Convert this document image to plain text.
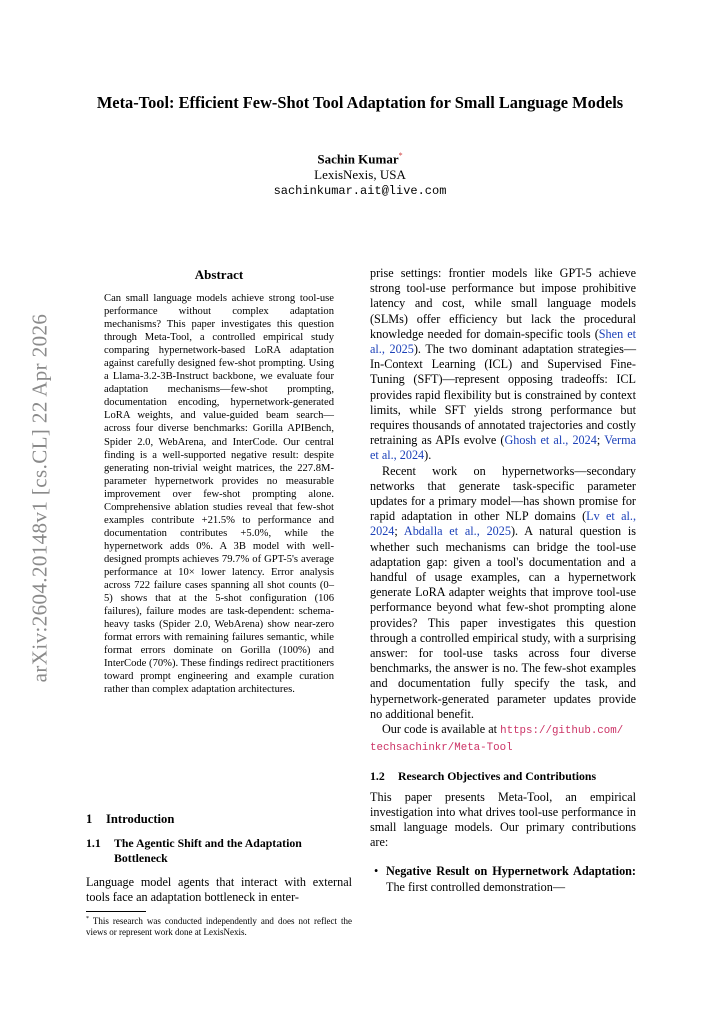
arXiv:2604.20148v1 [cs.CL] 22 Apr 2026
Meta-Tool: Efficient Few-Shot Tool Adaptation for Small Language Models
Sachin Kumar*
LexisNexis, USA
sachinkumar.ait@live.com
Abstract
Can small language models achieve strong tool-use performance without complex adaptation mechanisms? This paper investigates this question through Meta-Tool, a controlled empirical study comparing hypernetwork-based LoRA adaptation against carefully designed few-shot prompting. Using a Llama-3.2-3B-Instruct backbone, we evaluate four adaptation mechanisms—few-shot prompting, documentation encoding, hypernetwork-generated LoRA weights, and value-guided beam search—across four diverse benchmarks: Gorilla APIBench, Spider 2.0, WebArena, and InterCode. Our central finding is a well-supported negative result: despite generating non-trivial weight matrices, the 227.8M-parameter hypernetwork provides no measurable improvement over few-shot prompting alone. Comprehensive ablation studies reveal that few-shot examples contribute +21.5% to performance and documentation contributes +5.0%, while the hypernetwork adds 0%. A 3B model with well-designed prompts achieves 79.7% of GPT-5's average performance at 10× lower latency. Error analysis across 722 failure cases spanning all shot counts (0–5) shows that at the 5-shot configuration (106 failures), failure modes are task-dependent: schema-heavy tasks (Spider 2.0, WebArena) show near-zero format errors with remaining failures semantic, while format errors dominate on Gorilla (100%) and InterCode (70%). These findings redirect practitioners toward prompt engineering and example curation rather than complex adaptation architectures.
1 Introduction
1.1 The Agentic Shift and the Adaptation
Bottleneck

Language model agents that interact with external tools face an adaptation bottleneck in enter-

* This research was conducted independently and does not reflect the views or represent work done at LexisNexis.

prise settings: frontier models like GPT-5 achieve strong tool-use performance but impose prohibitive latency and cost, while small language models (SLMs) offer efficiency but lack the procedural knowledge needed for domain-specific tools (Shen et al., 2025). The two dominant adaptation strategies—In-Context Learning (ICL) and Supervised Fine-Tuning (SFT)—represent opposing tradeoffs: ICL provides rapid flexibility but is constrained by context limits, while SFT yields strong performance but requires thousands of annotated trajectories and costly retraining as APIs evolve (Ghosh et al., 2024; Verma et al., 2024).

Recent work on hypernetworks—secondary networks that generate task-specific parameter updates for a primary model—has shown promise for rapid adaptation in other NLP domains (Lv et al., 2024; Abdalla et al., 2025). A natural question is whether such mechanisms can bridge the tool-use adaptation gap: given a tool's documentation and a handful of usage examples, can a hypernetwork generate LoRA adapter weights that improve tool-use performance beyond what few-shot prompting alone provides? This paper investigates this question through a controlled empirical study, with a surprising answer: for tool-use tasks across four diverse benchmarks, the answer is no. The few-shot examples and documentation fully specify the task, and hypernetwork-generated parameter updates provide no additional benefit.

Our code is available at https://github.com/
techsachinkr/Meta-Tool

1.2 Research Objectives and Contributions

This paper presents Meta-Tool, an empirical investigation into what drives tool-use performance in small language models. Our primary contributions are:

• Negative Result on Hypernetwork Adaptation: The first controlled demonstration—
